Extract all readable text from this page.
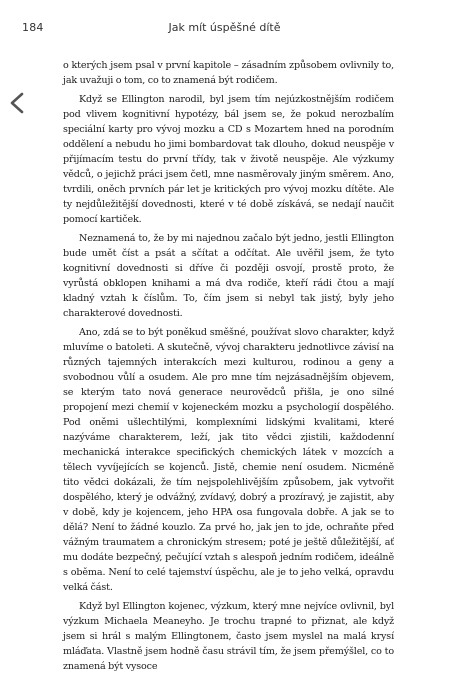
184	Jak mít úspěšné dítě

o kterých jsem psal v první kapitole – zásadním způsobem ovlivnily to, jak uvažuji o tom, co to znamená být rodičem.

Když se Ellington narodil, byl jsem tím nejúzkostnějším rodičem pod vlivem kognitivní hypotézy, bál jsem se, že pokud nerozbalím speciální karty pro vývoj mozku a CD s Mozartem hned na porodním oddělení a nebudu ho jimi bombardovat tak dlouho, dokud neuspěje v přijímacím testu do první třídy, tak v životě neuspěje. Ale výzkumy vědců, o jejichž práci jsem četl, mne nasměrovaly jiným směrem. Ano, tvrdili, oněch prvních pár let je kritických pro vývoj mozku dítěte. Ale ty nejdůležitější dovednosti, které v té době získává, se nedají naučit pomocí kartiček.

Neznamená to, že by mi najednou začalo být jedno, jestli Ellington bude umět číst a psát a sčítat a odčítat. Ale uvěřil jsem, že tyto kognitivní dovednosti si dříve či později osvojí, prostě proto, že vyrůstá obklopen knihami a má dva rodiče, kteří rádi čtou a mají kladný vztah k číslům. To, čím jsem si nebyl tak jistý, byly jeho charakterové dovednosti.

Ano, zdá se to být poněkud směšné, používat slovo charakter, když mluvíme o batoleti. A skutečně, vývoj charakteru jednotlivce závisí na různých tajemných interakcích mezi kulturou, rodinou a geny a svobodnou vůlí a osudem. Ale pro mne tím nejzásadnějším objevem, se kterým tato nová generace neurovědců přišla, je ono silné propojení mezi chemií v kojeneckém mozku a psychologií dospělého. Pod oněmi ušlechtilými, komplexními lidskými kvalitami, které nazýváme charakterem, leží, jak tito vědci zjistili, každodenní mechanická interakce specifických chemických látek v mozcích a tělech vyvíjejících se kojenců. Jistě, chemie není osudem. Nicméně tito vědci dokázali, že tím nejspolehlivějším způsobem, jak vytvořit dospělého, který je odvážný, zvídavý, dobrý a prozíravý, je zajistit, aby v době, kdy je kojencem, jeho HPA osa fungovala dobře. A jak se to dělá? Není to žádné kouzlo. Za prvé ho, jak jen to jde, ochraňte před vážným traumatem a chronickým stresem; poté je ještě důležitější, ať mu dodáte bezpečný, pečující vztah s alespoň jedním rodičem, ideálně s oběma. Není to celé tajemství úspěchu, ale je to jeho velká, opravdu velká část.

Když byl Ellington kojenec, výzkum, který mne nejvíce ovlivnil, byl výzkum Michaela Meaneyho. Je trochu trapné to přiznat, ale když jsem si hrál s malým Ellingtonem, často jsem myslel na malá krysí mláďata. Vlastně jsem hodně času strávil tím, že jsem přemýšlel, co to znamená být vysoce
